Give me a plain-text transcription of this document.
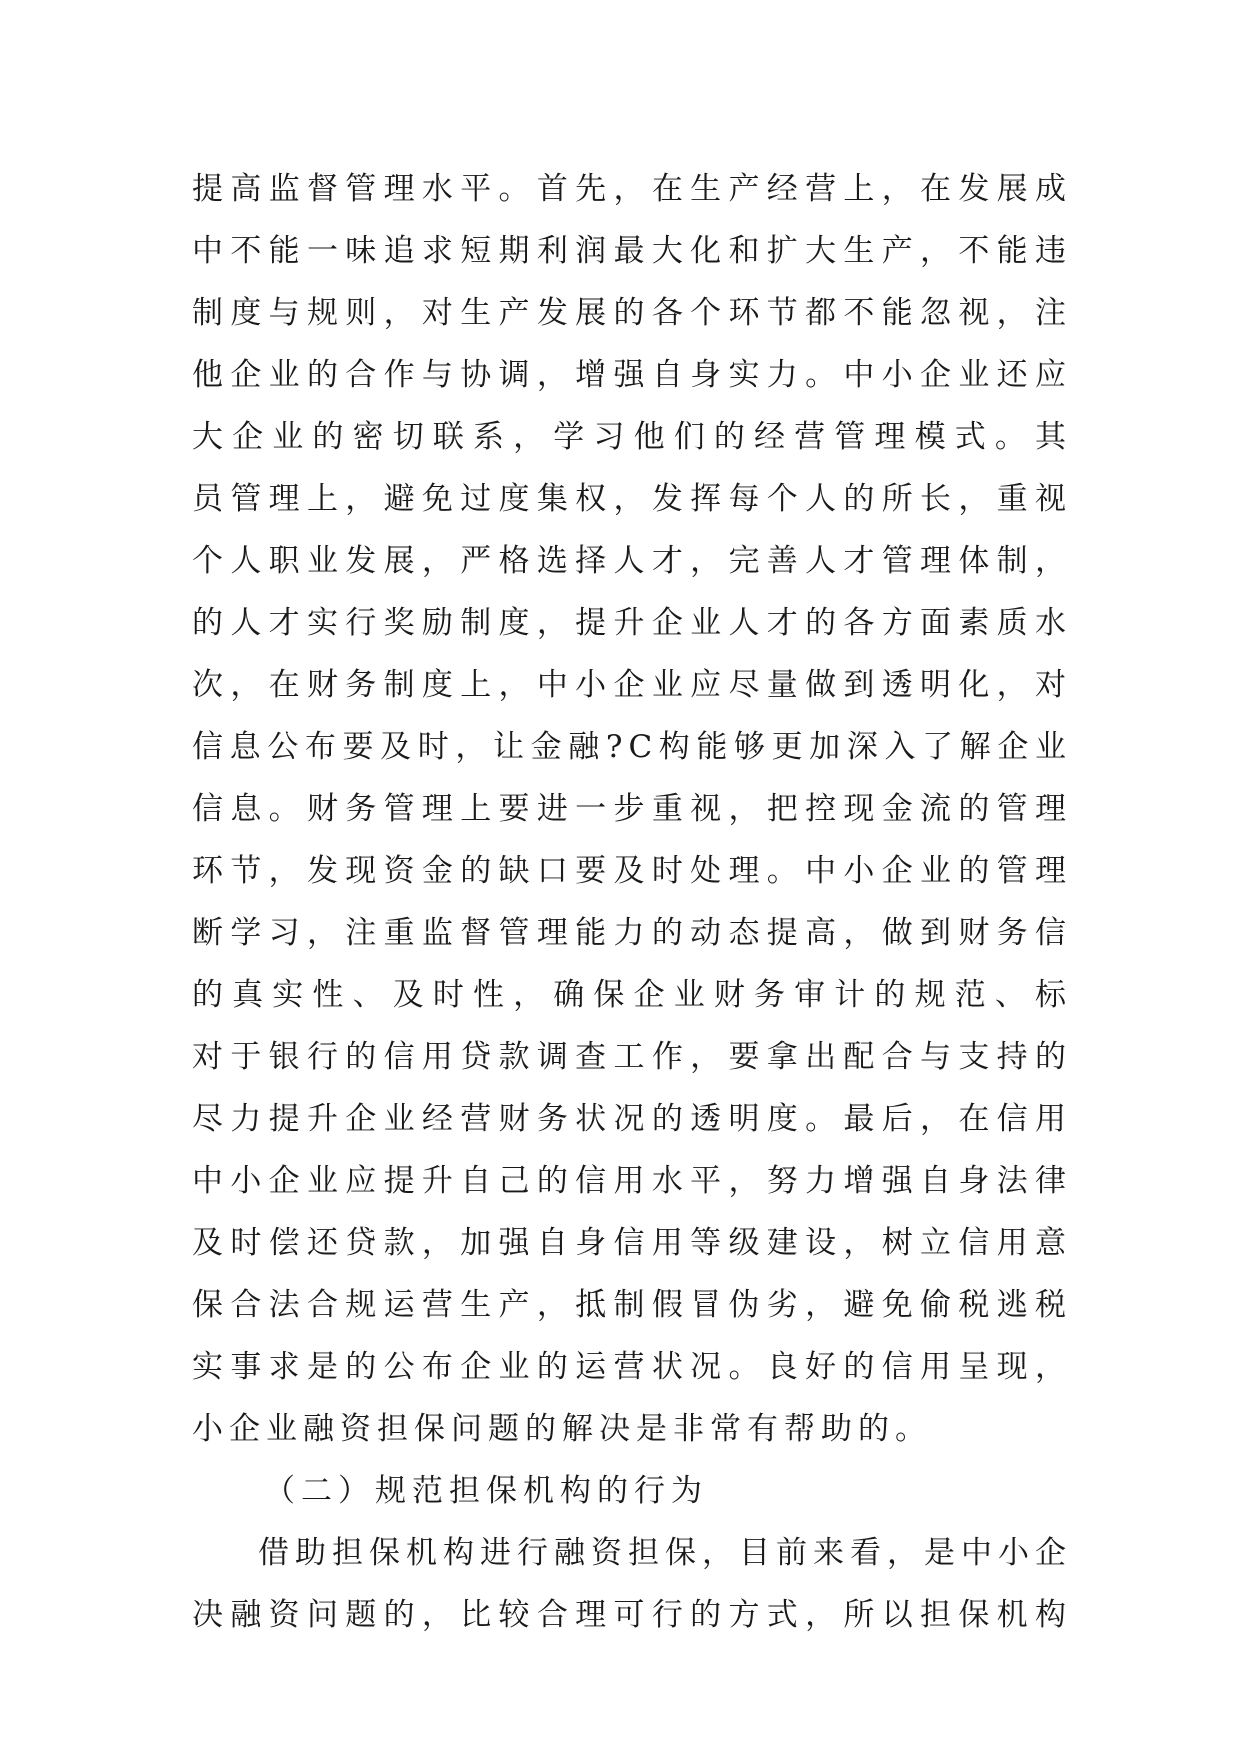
提高监督管理水平。首先，在生产经营上，在发展成
中不能一味追求短期利润最大化和扩大生产，不能违
制度与规则，对生产发展的各个环节都不能忽视，注
他企业的合作与协调，增强自身实力。中小企业还应
大企业的密切联系，学习他们的经营管理模式。其
员管理上，避免过度集权，发挥每个人的所长，重视
个人职业发展，严格选择人才，完善人才管理体制，
的人才实行奖励制度，提升企业人才的各方面素质水
次，在财务制度上，中小企业应尽量做到透明化，对
信息公布要及时，让金融?C构能够更加深入了解企业
信息。财务管理上要进一步重视，把控现金流的管理
环节，发现资金的缺口要及时处理。中小企业的管理
断学习，注重监督管理能力的动态提高，做到财务信
的真实性、及时性，确保企业财务审计的规范、标
对于银行的信用贷款调查工作，要拿出配合与支持的
尽力提升企业经营财务状况的透明度。最后，在信用
中小企业应提升自己的信用水平，努力增强自身法律
及时偿还贷款，加强自身信用等级建设，树立信用意
保合法合规运营生产，抵制假冒伪劣，避免偷税逃税
实事求是的公布企业的运营状况。良好的信用呈现，
小企业融资担保问题的解决是非常有帮助的。
（二）规范担保机构的行为
借助担保机构进行融资担保，目前来看，是中小企
决融资问题的，比较合理可行的方式，所以担保机构
